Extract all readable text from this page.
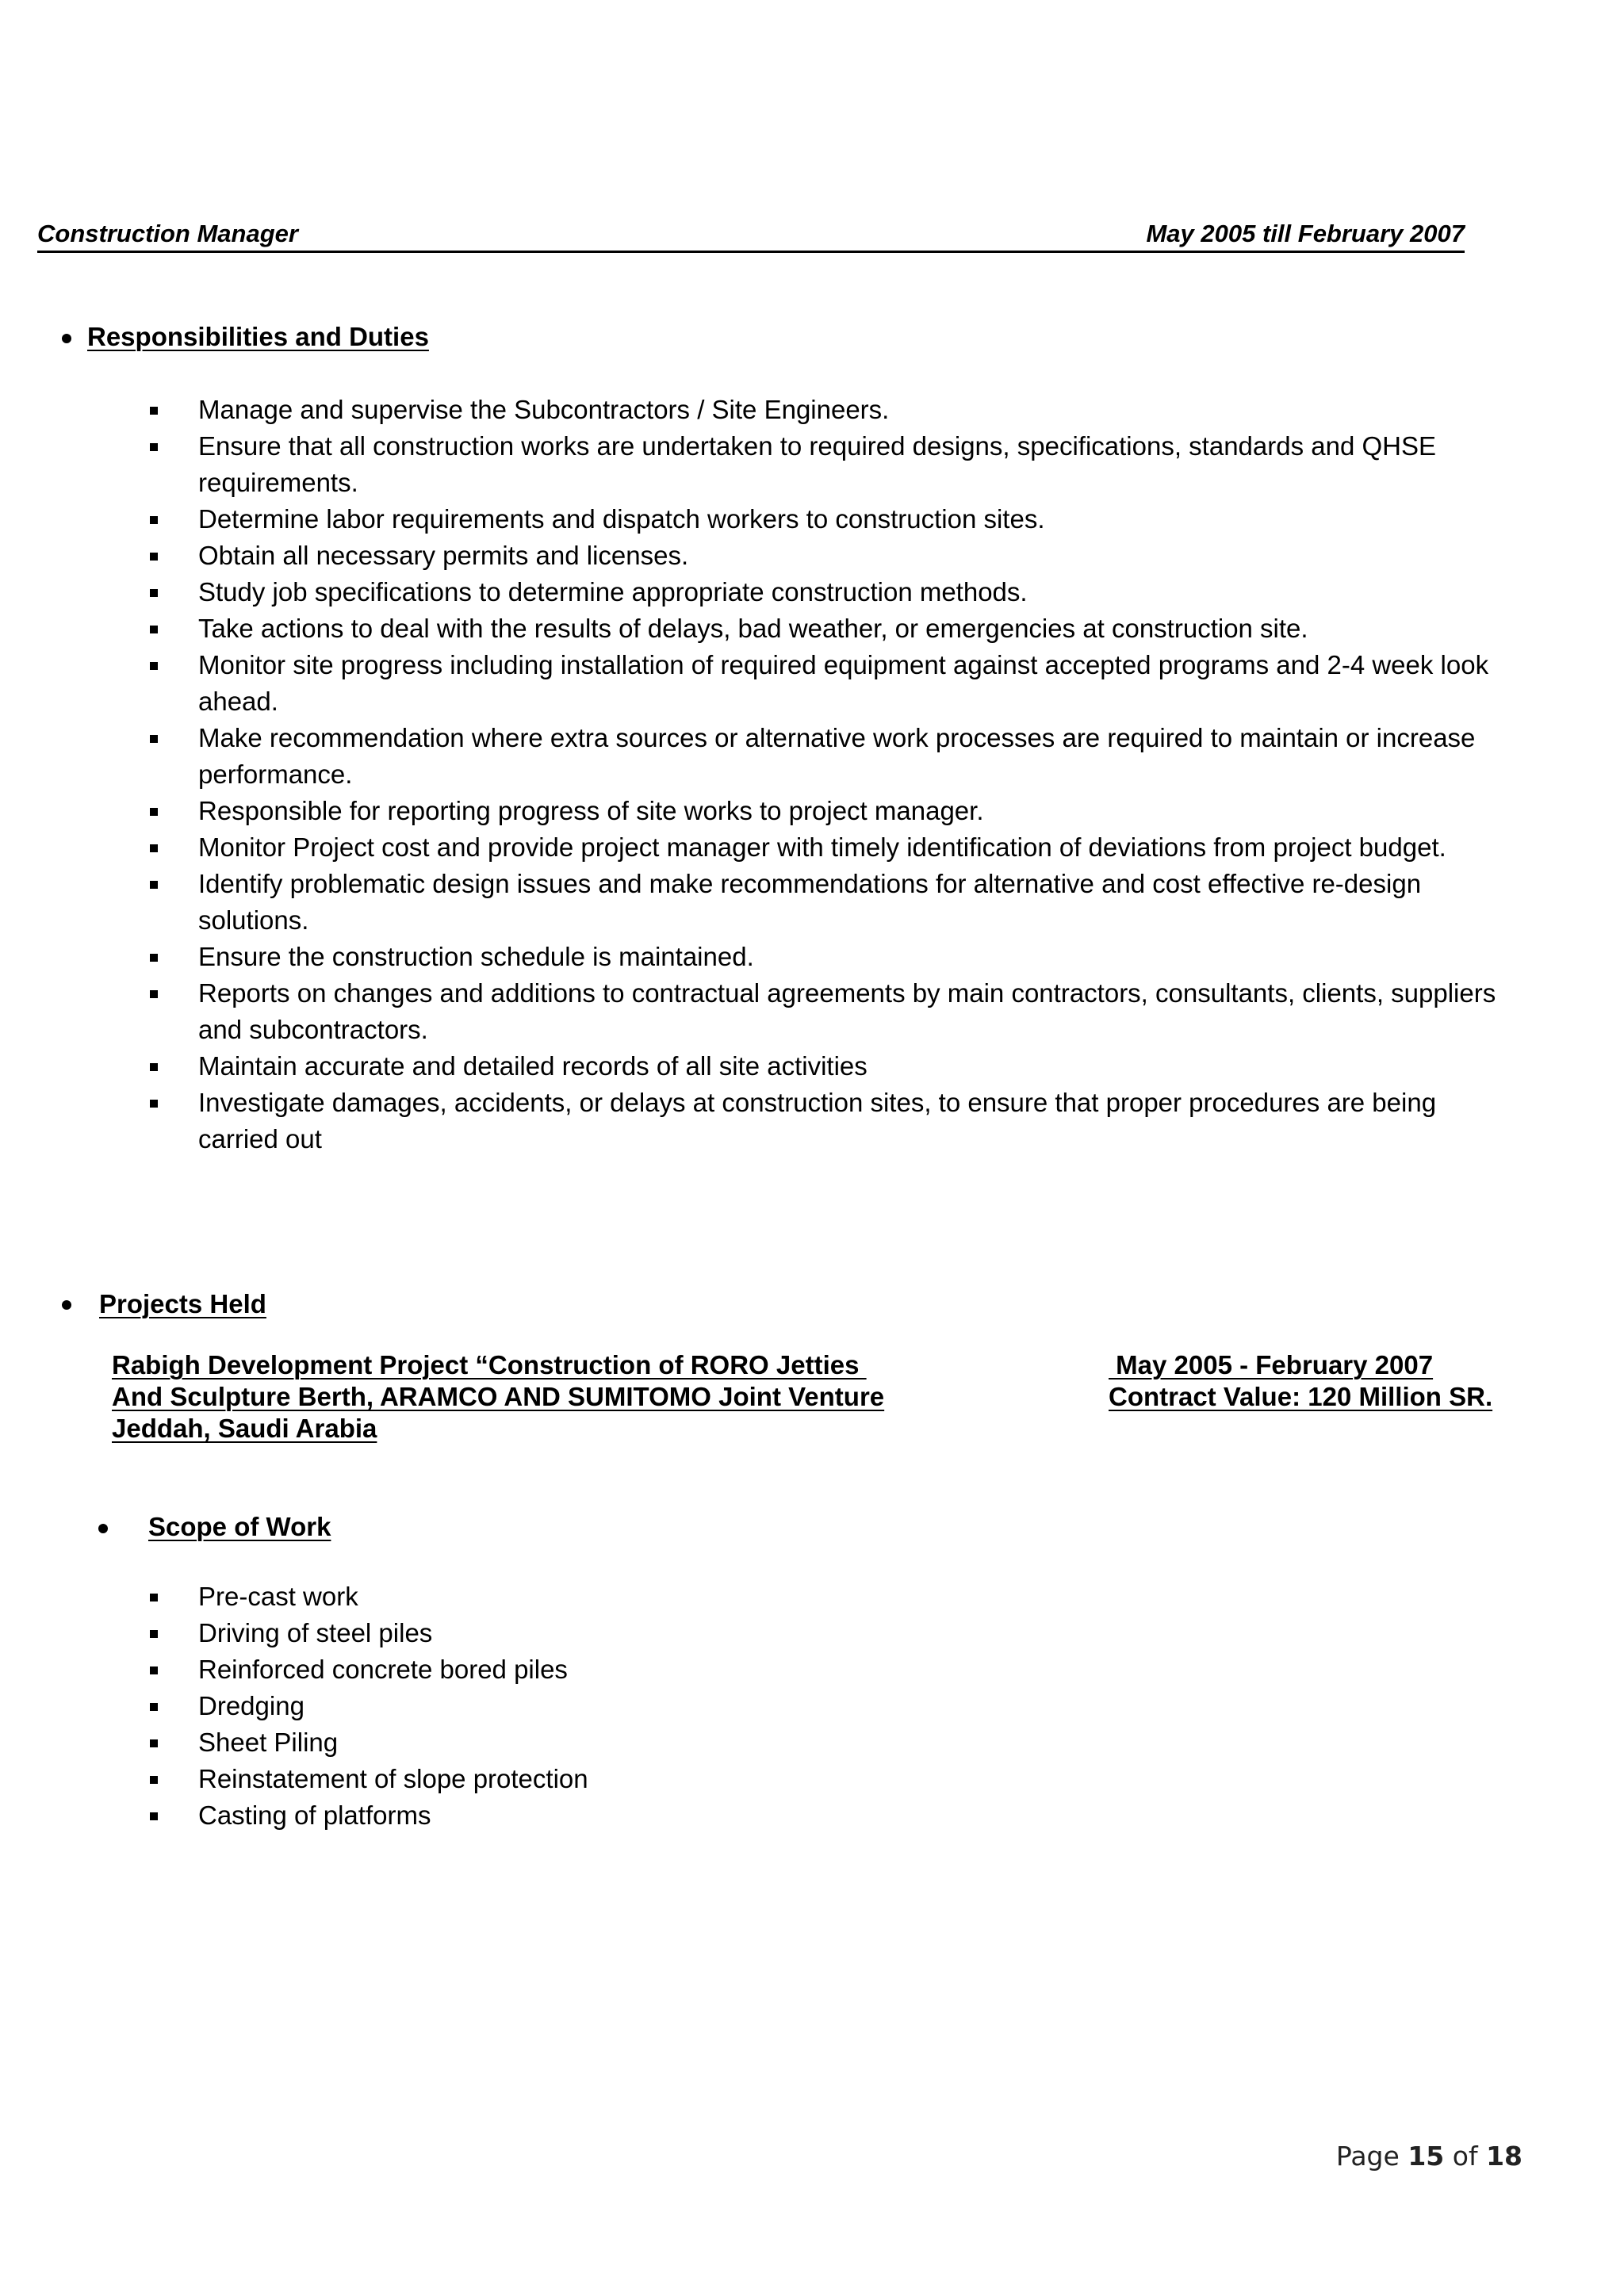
Construction Manager	May 2005 till February 2007
Responsibilities and Duties
Manage and supervise the Subcontractors / Site Engineers.
Ensure that all construction works are undertaken to required designs, specifications, standards and QHSE requirements.
Determine labor requirements and dispatch workers to construction sites.
Obtain all necessary permits and licenses.
Study job specifications to determine appropriate construction methods.
Take actions to deal with the results of delays, bad weather, or emergencies at construction site.
Monitor site progress including installation of required equipment against accepted programs and 2-4 week look ahead.
Make recommendation where extra sources or alternative work processes are required to maintain or increase performance.
Responsible for reporting progress of site works to project manager.
Monitor Project cost and provide project manager with timely identification of deviations from project budget.
Identify problematic design issues and make recommendations for alternative and cost effective re-design solutions.
Ensure the construction schedule is maintained.
Reports on changes and additions to contractual agreements by main contractors, consultants, clients, suppliers and subcontractors.
Maintain accurate and detailed records of all site activities
Investigate damages, accidents, or delays at construction sites, to ensure that proper procedures are being carried out
Projects Held
Rabigh Development Project “Construction of RORO Jetties
And Sculpture Berth, ARAMCO AND SUMITOMO Joint Venture
Jeddah, Saudi Arabia
May 2005 - February 2007
Contract Value: 120 Million SR.
Scope of Work
Pre-cast work
Driving of steel piles
Reinforced concrete bored piles
Dredging
Sheet Piling
Reinstatement of slope protection
Casting of platforms
Page 15 of 18
